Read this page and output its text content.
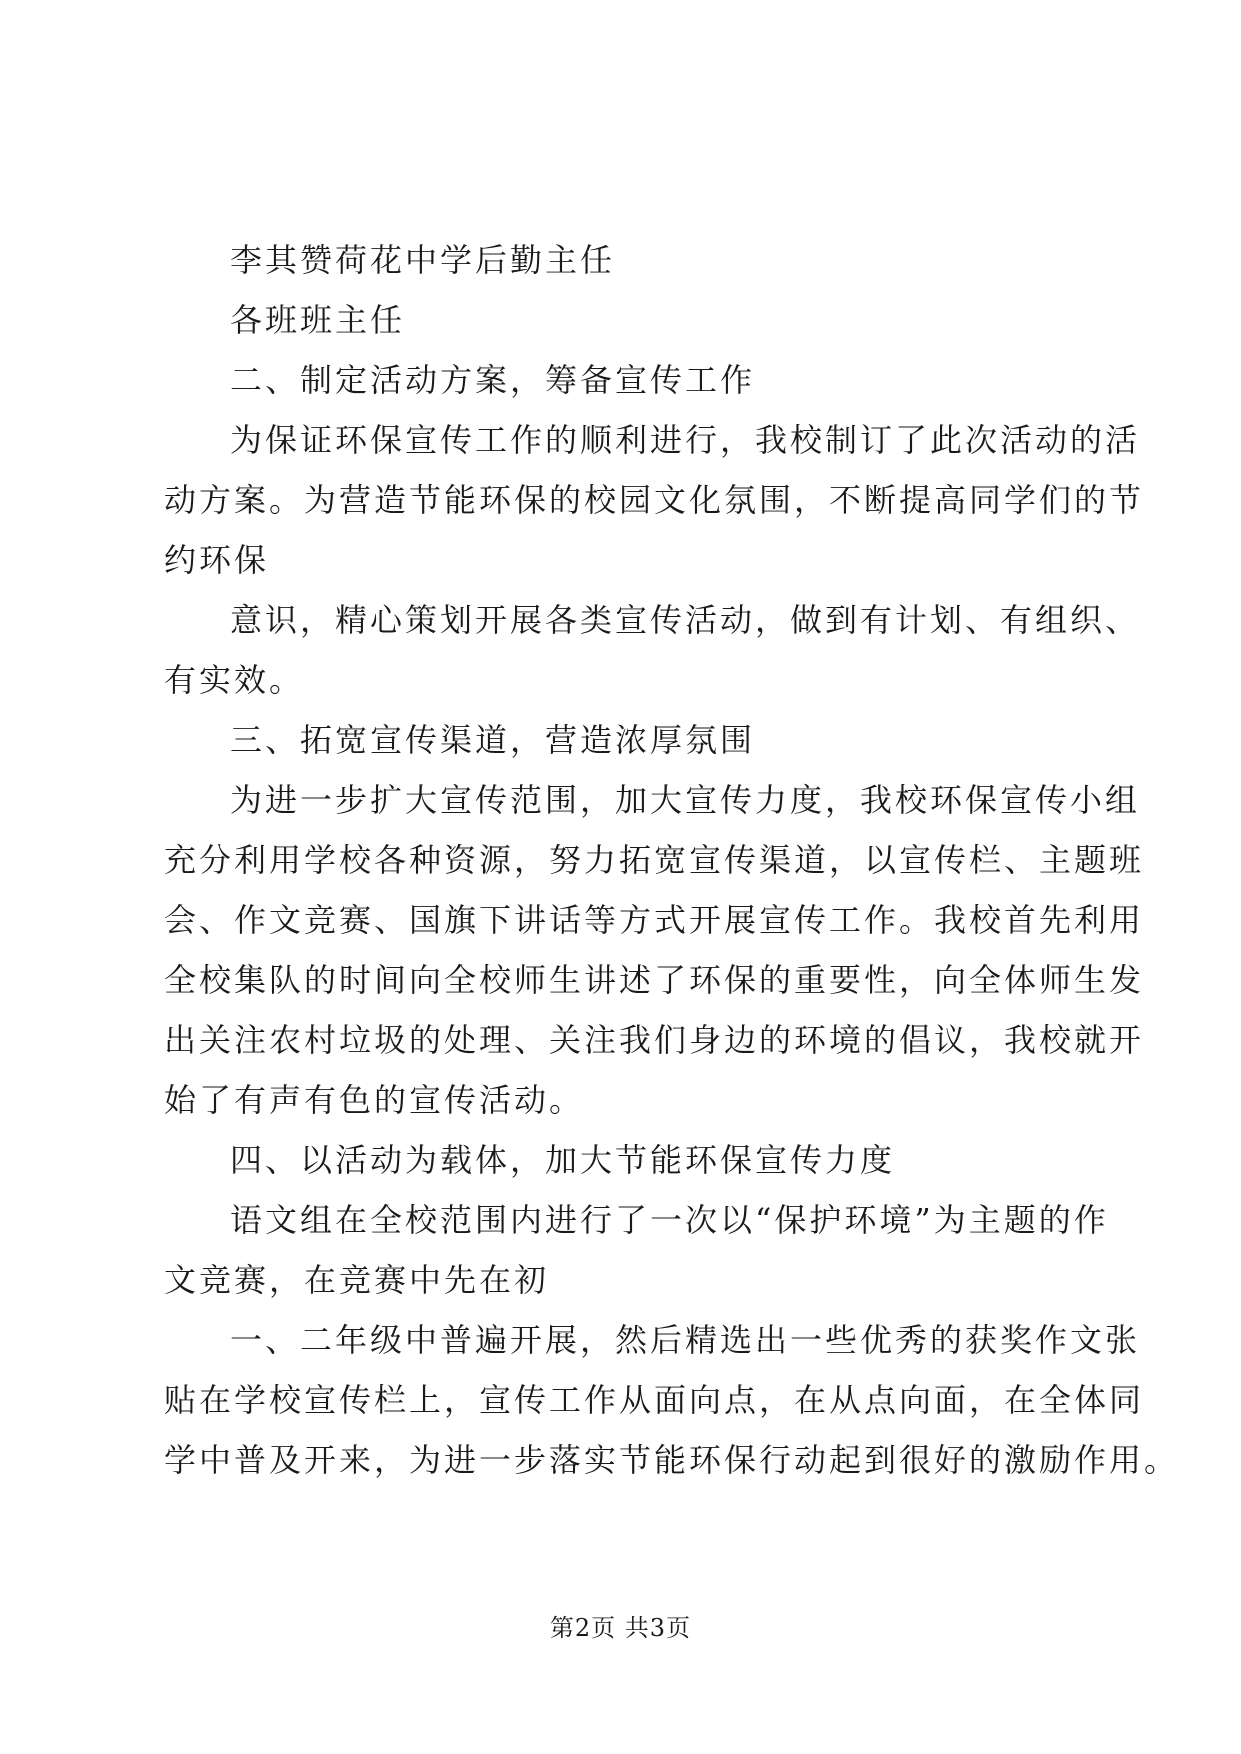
李其赞荷花中学后勤主任
各班班主任
二、制定活动方案，筹备宣传工作
为保证环保宣传工作的顺利进行，我校制订了此次活动的活
动方案。为营造节能环保的校园文化氛围，不断提高同学们的节
约环保
意识，精心策划开展各类宣传活动，做到有计划、有组织、
有实效。
三、拓宽宣传渠道，营造浓厚氛围
为进一步扩大宣传范围，加大宣传力度，我校环保宣传小组
充分利用学校各种资源，努力拓宽宣传渠道，以宣传栏、主题班
会、作文竞赛、国旗下讲话等方式开展宣传工作。我校首先利用
全校集队的时间向全校师生讲述了环保的重要性，向全体师生发
出关注农村垃圾的处理、关注我们身边的环境的倡议，我校就开
始了有声有色的宣传活动。
四、以活动为载体，加大节能环保宣传力度
语文组在全校范围内进行了一次以“保护环境”为主题的作
文竞赛，在竞赛中先在初
一、二年级中普遍开展，然后精选出一些优秀的获奖作文张
贴在学校宣传栏上，宣传工作从面向点，在从点向面，在全体同
学中普及开来，为进一步落实节能环保行动起到很好的激励作用。
第2页 共3页
